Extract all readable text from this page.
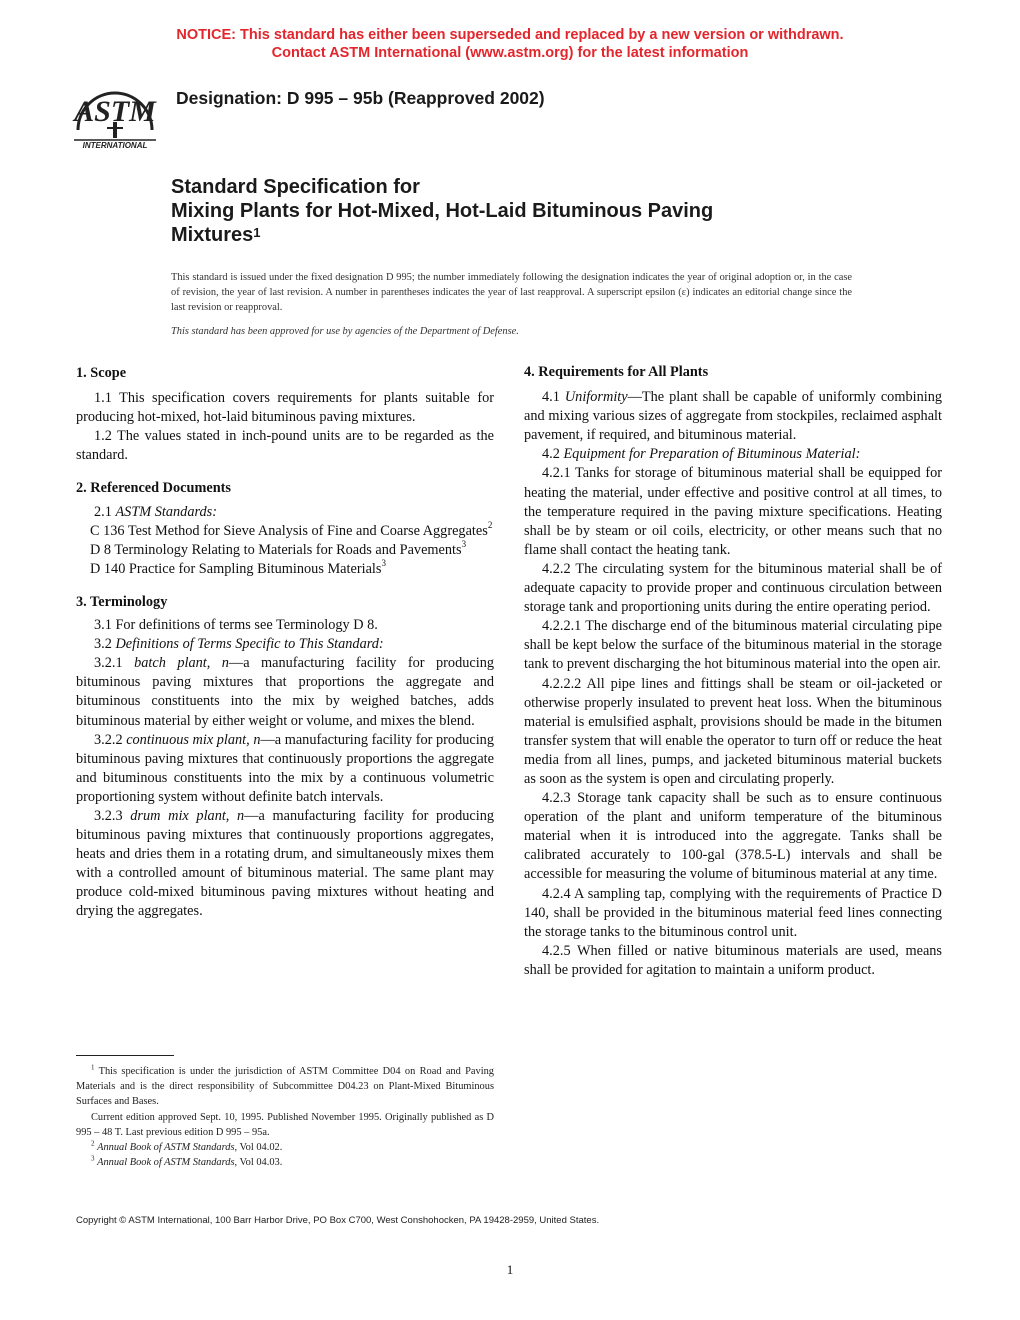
NOTICE: This standard has either been superseded and replaced by a new version or withdrawn.
Contact ASTM International (www.astm.org) for the latest information
ASTM
INTERNATIONAL
Designation: D 995 – 95b (Reapproved 2002)
Standard Specification for
Mixing Plants for Hot-Mixed, Hot-Laid Bituminous Paving
Mixtures$^1$
This standard is issued under the fixed designation D 995; the number immediately following the designation indicates the year of original adoption or, in the case of revision, the year of last revision. A number in parentheses indicates the year of last reapproval. A superscript epsilon (ε) indicates an editorial change since the last revision or reapproval.
This standard has been approved for use by agencies of the Department of Defense.
1. Scope

1.1 This specification covers requirements for plants suitable for producing hot-mixed, hot-laid bituminous paving mixtures.

1.2 The values stated in inch-pound units are to be regarded as the standard.

2. Referenced Documents

2.1 ASTM Standards:

C 136 Test Method for Sieve Analysis of Fine and Coarse Aggregates$^2$

D 8 Terminology Relating to Materials for Roads and Pavements$^3$

D 140 Practice for Sampling Bituminous Materials$^3$

3. Terminology

3.1 For definitions of terms see Terminology D 8.

3.2 Definitions of Terms Specific to This Standard:

3.2.1 batch plant, n—a manufacturing facility for producing bituminous paving mixtures that proportions the aggregate and bituminous constituents into the mix by weighed batches, adds bituminous material by either weight or volume, and mixes the blend.

3.2.2 continuous mix plant, n—a manufacturing facility for producing bituminous paving mixtures that continuously proportions the aggregate and bituminous constituents into the mix by a continuous volumetric proportioning system without definite batch intervals.

3.2.3 drum mix plant, n—a manufacturing facility for producing bituminous paving mixtures that continuously proportions aggregates, heats and dries them in a rotating drum, and simultaneously mixes them with a controlled amount of bituminous material. The same plant may produce cold-mixed bituminous paving mixtures without heating and drying the aggregates.

4. Requirements for All Plants

4.1 Uniformity—The plant shall be capable of uniformly combining and mixing various sizes of aggregate from stockpiles, reclaimed asphalt pavement, if required, and bituminous material.

4.2 Equipment for Preparation of Bituminous Material:

4.2.1 Tanks for storage of bituminous material shall be equipped for heating the material, under effective and positive control at all times, to the temperature required in the paving mixture specifications. Heating shall be by steam or oil coils, electricity, or other means such that no flame shall contact the heating tank.

4.2.2 The circulating system for the bituminous material shall be of adequate capacity to provide proper and continuous circulation between storage tank and proportioning units during the entire operating period.

4.2.2.1 The discharge end of the bituminous material circulating pipe shall be kept below the surface of the bituminous material in the storage tank to prevent discharging the hot bituminous material into the open air.

4.2.2.2 All pipe lines and fittings shall be steam or oil-jacketed or otherwise properly insulated to prevent heat loss. When the bituminous material is emulsified asphalt, provisions should be made in the bitumen transfer system that will enable the operator to turn off or reduce the heat media from all lines, pumps, and jacketed bituminous material buckets as soon as the system is open and circulating properly.

4.2.3 Storage tank capacity shall be such as to ensure continuous operation of the plant and uniform temperature of the bituminous material when it is introduced into the aggregate. Tanks shall be calibrated accurately to 100-gal (378.5-L) intervals and shall be accessible for measuring the volume of bituminous material at any time.

4.2.4 A sampling tap, complying with the requirements of Practice D 140, shall be provided in the bituminous material feed lines connecting the storage tanks to the bituminous control unit.

4.2.5 When filled or native bituminous materials are used, means shall be provided for agitation to maintain a uniform product.

$^1$ This specification is under the jurisdiction of ASTM Committee D04 on Road and Paving Materials and is the direct responsibility of Subcommittee D04.23 on Plant-Mixed Bituminous Surfaces and Bases.

Current edition approved Sept. 10, 1995. Published November 1995. Originally published as D 995 – 48 T. Last previous edition D 995 – 95a.

$^2$ Annual Book of ASTM Standards, Vol 04.02.

$^3$ Annual Book of ASTM Standards, Vol 04.03.

Copyright © ASTM International, 100 Barr Harbor Drive, PO Box C700, West Conshohocken, PA 19428-2959, United States.
1
